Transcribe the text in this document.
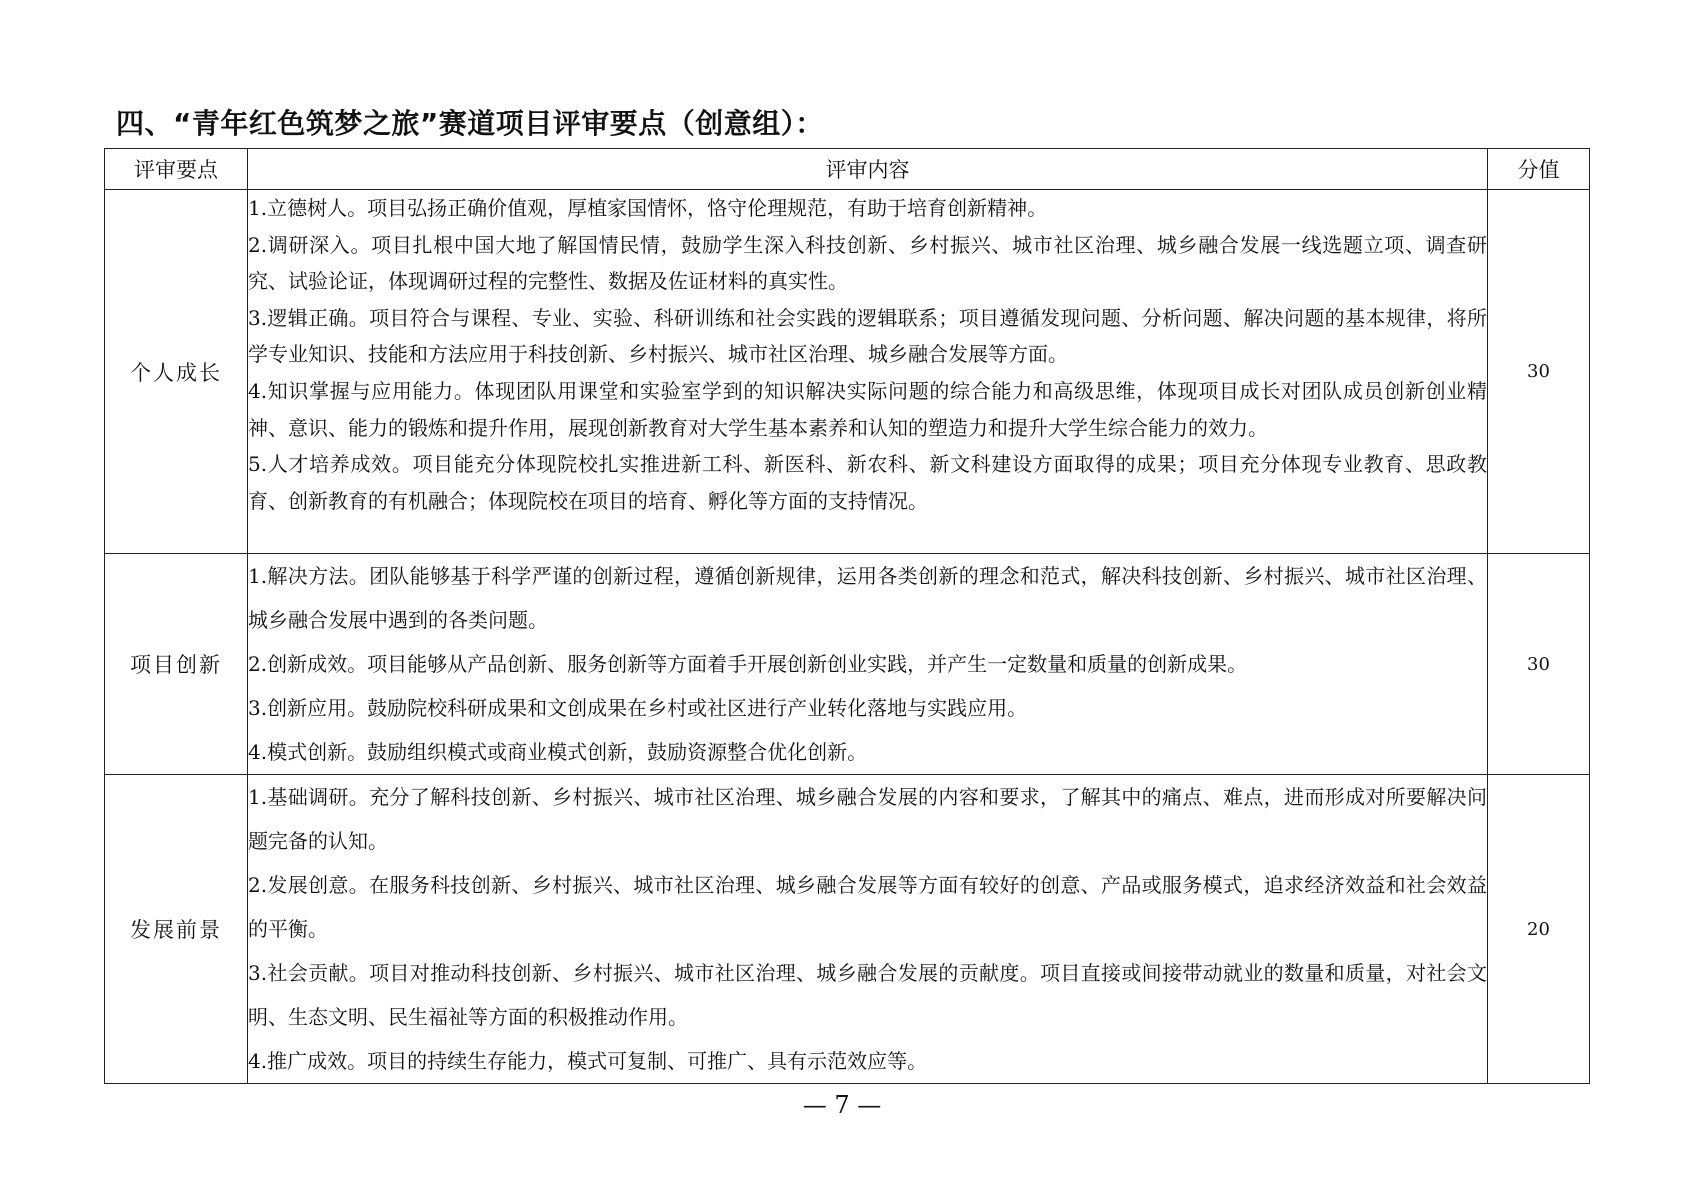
四、“青年红色筑梦之旅”赛道项目评审要点（创意组）：
评审要点	评审内容	分值
个人成长	1.立德树人。项目弘扬正确价值观，厚植家国情怀，恪守伦理规范，有助于培育创新精神。

2.调研深入。项目扎根中国大地了解国情民情，鼓励学生深入科技创新、乡村振兴、城市社区治理、城乡融合发展一线选题立项、调查研究、试验论证，体现调研过程的完整性、数据及佐证材料的真实性。

3.逻辑正确。项目符合与课程、专业、实验、科研训练和社会实践的逻辑联系；项目遵循发现问题、分析问题、解决问题的基本规律，将所学专业知识、技能和方法应用于科技创新、乡村振兴、城市社区治理、城乡融合发展等方面。

4.知识掌握与应用能力。体现团队用课堂和实验室学到的知识解决实际问题的综合能力和高级思维，体现项目成长对团队成员创新创业精神、意识、能力的锻炼和提升作用，展现创新教育对大学生基本素养和认知的塑造力和提升大学生综合能力的效力。

5.人才培养成效。项目能充分体现院校扎实推进新工科、新医科、新农科、新文科建设方面取得的成果；项目充分体现专业教育、思政教育、创新教育的有机融合；体现院校在项目的培育、孵化等方面的支持情况。	30
项目创新	1.解决方法。团队能够基于科学严谨的创新过程，遵循创新规律，运用各类创新的理念和范式，解决科技创新、乡村振兴、城市社区治理、城乡融合发展中遇到的各类问题。

2.创新成效。项目能够从产品创新、服务创新等方面着手开展创新创业实践，并产生一定数量和质量的创新成果。

3.创新应用。鼓励院校科研成果和文创成果在乡村或社区进行产业转化落地与实践应用。

4.模式创新。鼓励组织模式或商业模式创新，鼓励资源整合优化创新。	30
发展前景	1.基础调研。充分了解科技创新、乡村振兴、城市社区治理、城乡融合发展的内容和要求，了解其中的痛点、难点，进而形成对所要解决问题完备的认知。

2.发展创意。在服务科技创新、乡村振兴、城市社区治理、城乡融合发展等方面有较好的创意、产品或服务模式，追求经济效益和社会效益的平衡。

3.社会贡献。项目对推动科技创新、乡村振兴、城市社区治理、城乡融合发展的贡献度。项目直接或间接带动就业的数量和质量，对社会文明、生态文明、民生福祉等方面的积极推动作用。

4.推广成效。项目的持续生存能力，模式可复制、可推广、具有示范效应等。	20
— 7 —
